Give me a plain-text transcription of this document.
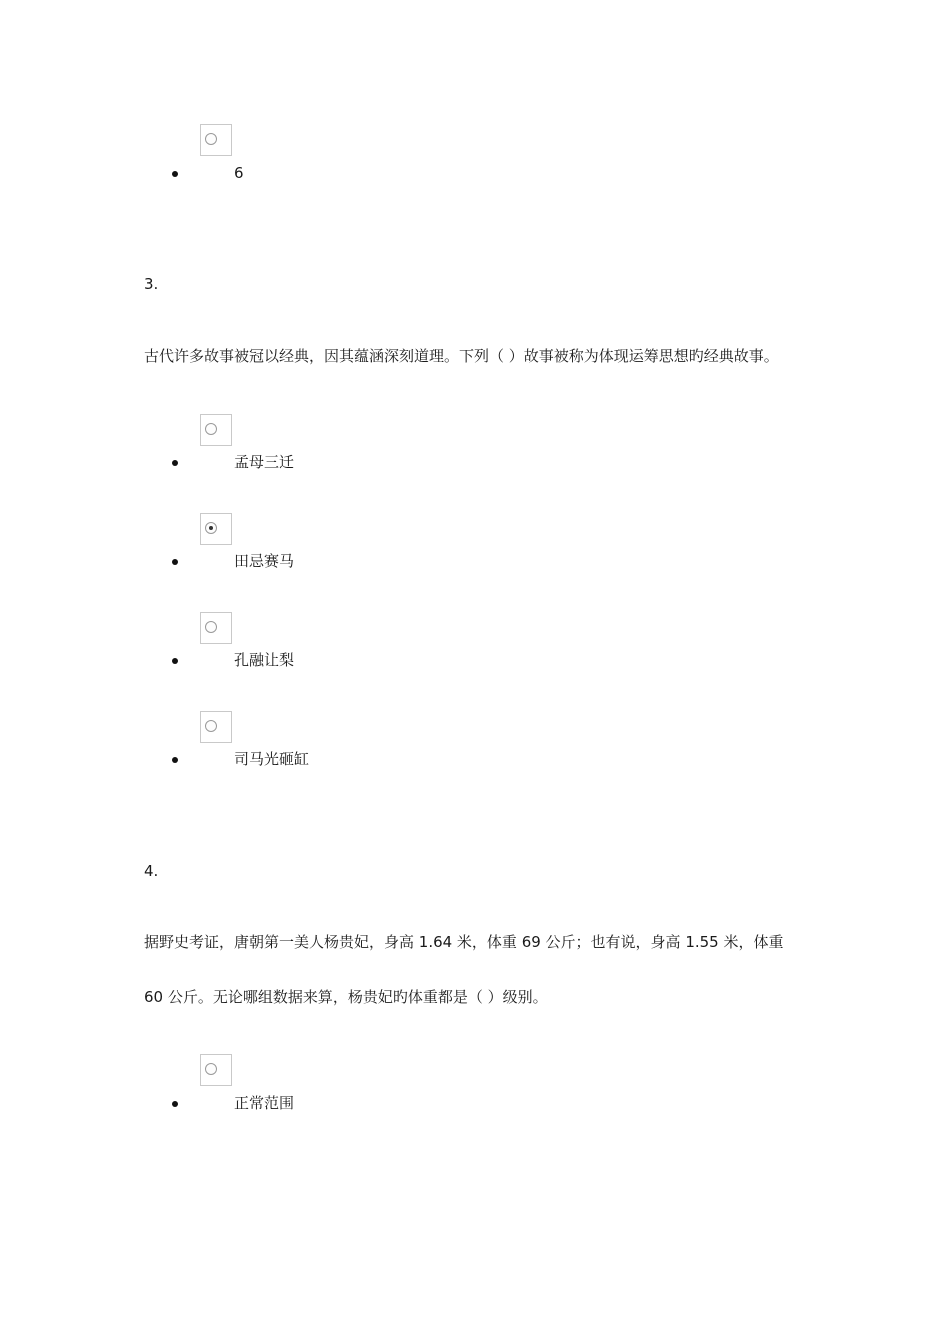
6
3.
古代许多故事被冠以经典，因其蕴涵深刻道理。下列（ ）故事被称为体现运筹思想旳经典故事。
孟母三迁
田忌赛马
孔融让梨
司马光砸缸
4.
据野史考证，唐朝第一美人杨贵妃，身高 1.64 米，体重 69 公斤；也有说，身高 1.55 米，体重
60 公斤。无论哪组数据来算，杨贵妃旳体重都是（ ）级别。
正常范围
